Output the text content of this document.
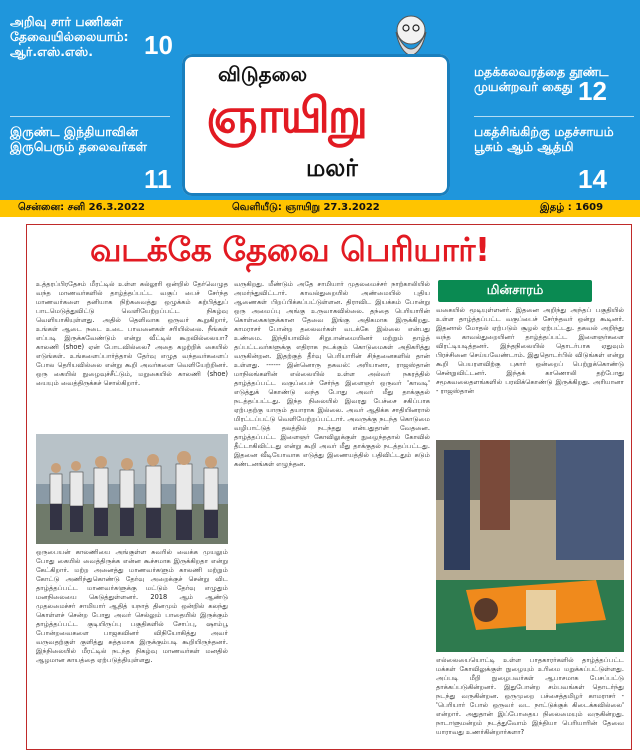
அறிவு சார் பணிகள்
தேவையில்லையாம்:
ஆர்.எஸ்.எஸ்.	10
இருண்ட இந்தியாவின்
இருபெரும் தலைவர்கள்
11
மதக்கலவரத்தை தூண்ட
முயன்றவர் கைது 12
பகத்சிங்கிற்கு மதச்சாயம்
பூசும் ஆம் ஆத்மி
14
விடுதலை
ஞாயிறு
மலர்
சென்னை: சனி 26.3.2022	வெளியீடு: ஞாயிறு 27.3.2022	இதழ் : 1609
வடக்கே தேவை பெரியார்!

உத்தரப்பிரதேசம் மீரட்டில் உள்ள கல்லூரி ஒன்றில் தேர்வெழுத வந்த மாணவர்களில் தாழ்த்தப்பட்ட வகுப் பைச் சேர்ந்த மாணவர்களை தனியாக நிற்கவைத்து ஒழுக்கம் கற்பித்துப் பாடமெடுத்துவிட்டு வெளியேற்றப்பட்ட நிகழ்வு வெளியாகியுள்ளது. அதில் தெளிவாக ஒருவர் கூறுகிறார், உங்கள் ஆடை நடை உடை பாவனைகள் சரியில்லை. நீங்கள் எப்படி இருக்கவேண்டும் என்று வீட்டில் கூறவில்லையா? காலணி (shoe) ஏன் போடவில்லை? அதை கழற்றிக் கையில் எடுங்கள். உங்களைப்பார்த்தால் தேர்வு எழுத வந்தவர்களைப் போல தெரியவில்லை என்று கூறி அவர்களை வெளியேற்றினர். ஒரு கையில் நுழைவுச்சீட்டும், மறுகையில் காலணி (shoe) யையும் வைத்திருக்கச் சொல்கிறார்.

ஒருபையன் காலணியை அங்குள்ள சுவரில் வைக்க முயலும் போது கையில் வைத்திருக்க என்ன கூச்சமாக இருக்கிறதா என்று கேட்கிறார். மற்ற அனைத்து மாணவர்களும் காலணி மற்றும் கோட்டு அணிந்துகொண்டு தேர்வு அறைக்குச் சென்று விட தாழ்த்தப்பட்ட மாணவர்களுக்கு மட்டும் தேர்வு எழுதும் மனநிலையை கெடுத்துள்ளனர். 2018 ஆம் ஆண்டு முதலமைச்சர் சாமியார் ஆதித் யநாத் தினமும் ஒன்றில் கலந்து கொள்ளச் சென்ற போது அவர் செல்லும் பாதையில் இருக்கும் தாழ்த்தப்பட்ட குடியிருப்பு பகுதிகளில் சோப்பு, ஷாம்பூ போன்றவைகளை பாஜகவினர் விநியோகித்து அவர் வருவதற்குள் குளித்து சுத்தமாக இருக்கும்படி கூறியிருந்தனர். இந்நிலையில் மீரட்டில் நடந்த நிகழ்வு மாணவர்கள் மனதில் ஆழமான காயத்தை ஏற்படுத்தியுள்ளது.

வருகிறது. மீண்டும் அதே சாமியார் முதலமைச்சர் நாற்காலியில் அமர்ந்துவிட்டார். காவல்துறையில் அண்மையில் புதிய ஆணைகள் பிறப்பிக்கப்பட்டுள்ளன. திராவிட இயக்கம் போன்று ஒரு அமைப்பு அங்கு உருவாகவில்லை. தந்தை பெரியாரின் கொள்கைகளுக்கான தேவை இங்கு அதிகமாக இருக்கிறது. காமராசர் போன்ற தலைவர்கள் வடக்கே இல்லை என்பது உண்மை. இந்தியாவில் சிறுபான்மையினர் மற்றும் தாழ்த் தப்பட்டவர்களுக்கு எதிராக நடக்கும் கொடுமைகள் அதிகரித்து வருகின்றன. இதற்குத் தீர்வு பெரியாரின் சிந்தனைகளில் தான் உள்ளது. ------ இன்னொரு தகவல்: அரியானா, ராஜஸ்தான் மாநிலங்களின் எல்லையில் உள்ள அல்வர் நகரத்தில் தாழ்த்தப்பட்ட வகுப்பைச் சேர்ந்த இளைஞர் ஒருவர் 'காவடி' எடுத்துக் கொண்டு வந்த போது அவர் மீது தாக்குதல் நடத்தப்பட்டது. இந்த நிலையில் இவரது பேச்சை சகிப்பாக ஏற்பதற்கு யாரும் தயாராக இல்லை. அவர் ஆதிக்க சாதியினரால் மிரட்டப்பட்டு வெளியேற்றப்பட்டார். அவருக்கு நடந்த கொடுமை வழிபாட்டுத் தலத்தில் நடந்தது என்பதுதான் வேதனை. தாழ்த்தப்பட்ட இளைஞர் கோவிலுக்குள் நுழைந்ததால் கோவில் தீட்டாகிவிட்டது என்று கூறி அவர் மீது தாக்குதல் நடத்தப்பட்டது. இதனை வீடியோவாக எடுத்து இணையத்தில் பதிவிட்டதும் கடும் கண்டனங்கள் எழுந்தன.

மின்சாரம்

வகையில் மூடியுள்ளனர். இதனை அறிந்து அந்தப் பகுதியில் உள்ள தாழ்த்தப்பட்ட வகுப்பைச் சேர்ந்தவர் ஒன்று கூடினர். இதனால் மோதல் ஏற்படும் சூழல் ஏற்பட்டது. தகவல் அறிந்து வந்த காவல்துறையினர் தாழ்த்தப்பட்ட இளைஞர்களை விரட்டியடித்தனர். இந்தநிலையில் தொடர்பாக ஏதுவும் பிரச்சினை செய்யவேண்டாம். இதுதொடர்பில் விடுங்கள் என்று கூறி பெயரளவிற்கு புகார் ஒன்றைப் பெற்றுக்கொண்டு சென்றுவிட்டனர். இந்தக் காணொலி தற்போது சமூகவலைதளங்களில் பரவிக்கொண்டு இருக்கிறது. அரியானா - ராஜஸ்தான்

எல்லையையொட்டி உள்ள பாதகாரர்களில் தாழ்த்தப்பட்ட மக்கள் கோவிலுக்குள் நுழையும் உரிமை மறுக்கப்பட்டுள்ளது. அப்படி மீறி நுழைபவர்கள் ஆபாசமாக பேசப்பட்டு தாக்கப்படுகின்றனர். இதுபோன்ற சம்பவங்கள் தொடர்ந்து நடந்து வருகின்றன. ஒருமுறை பச்சைத்தமிழர் காமராசர் - 'பெரியார் போல் ஒருவர் வட நாட்டுக்குக் கிடைக்கவில்லை' என்றார். அதுதான் இப்போதைய நிலைமையும் வருகின்றது. நாடாளுமன்றம் நடத்துவோம் இந்தியா பெரியாரின் தேவை யாராவது உணர்கின்றார்களா?
